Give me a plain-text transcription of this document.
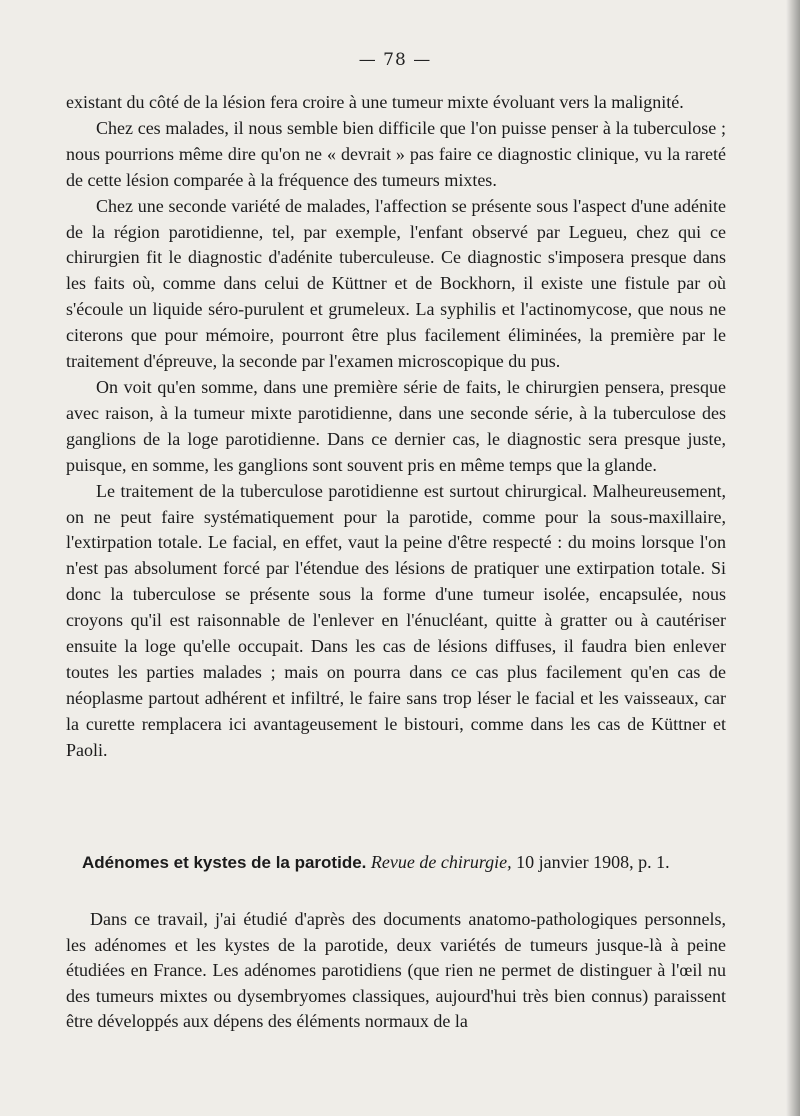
— 78 —

existant du côté de la lésion fera croire à une tumeur mixte évoluant vers la malignité.

Chez ces malades, il nous semble bien difficile que l'on puisse penser à la tuberculose ; nous pourrions même dire qu'on ne « devrait » pas faire ce diagnostic clinique, vu la rareté de cette lésion comparée à la fréquence des tumeurs mixtes.

Chez une seconde variété de malades, l'affection se présente sous l'aspect d'une adénite de la région parotidienne, tel, par exemple, l'enfant observé par Legueu, chez qui ce chirurgien fit le diagnostic d'adénite tuberculeuse. Ce diagnostic s'imposera presque dans les faits où, comme dans celui de Küttner et de Bockhorn, il existe une fistule par où s'écoule un liquide séro-purulent et grumeleux. La syphilis et l'actinomycose, que nous ne citerons que pour mémoire, pourront être plus facilement éliminées, la première par le traitement d'épreuve, la seconde par l'examen microscopique du pus.

On voit qu'en somme, dans une première série de faits, le chirurgien pensera, presque avec raison, à la tumeur mixte parotidienne, dans une seconde série, à la tuberculose des ganglions de la loge parotidienne. Dans ce dernier cas, le diagnostic sera presque juste, puisque, en somme, les ganglions sont souvent pris en même temps que la glande.

Le traitement de la tuberculose parotidienne est surtout chirurgical. Malheureusement, on ne peut faire systématiquement pour la parotide, comme pour la sous-maxillaire, l'extirpation totale. Le facial, en effet, vaut la peine d'être respecté : du moins lorsque l'on n'est pas absolument forcé par l'étendue des lésions de pratiquer une extirpation totale. Si donc la tuberculose se présente sous la forme d'une tumeur isolée, encapsulée, nous croyons qu'il est raisonnable de l'enlever en l'énucléant, quitte à gratter ou à cautériser ensuite la loge qu'elle occupait. Dans les cas de lésions diffuses, il faudra bien enlever toutes les parties malades ; mais on pourra dans ce cas plus facilement qu'en cas de néoplasme partout adhérent et infiltré, le faire sans trop léser le facial et les vaisseaux, car la curette remplacera ici avantageusement le bistouri, comme dans les cas de Küttner et Paoli.

Adénomes et kystes de la parotide. Revue de chirurgie, 10 janvier 1908, p. 1.

Dans ce travail, j'ai étudié d'après des documents anatomo-pathologiques personnels, les adénomes et les kystes de la parotide, deux variétés de tumeurs jusque-là à peine étudiées en France. Les adénomes parotidiens (que rien ne permet de distinguer à l'œil nu des tumeurs mixtes ou dysembryomes classiques, aujourd'hui très bien connus) paraissent être développés aux dépens des éléments normaux de la
